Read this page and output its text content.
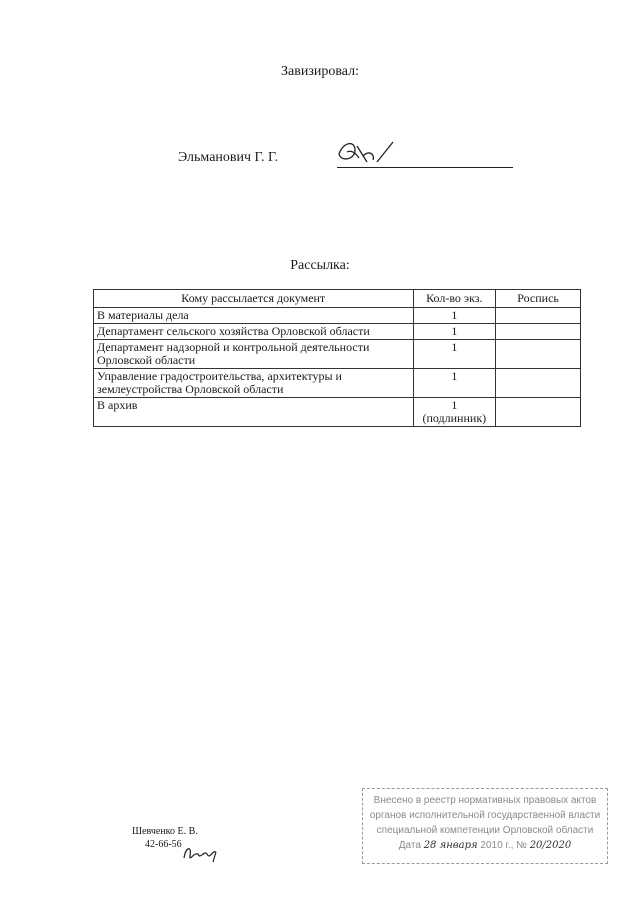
Завизировал:
Эльманович Г. Г.
Рассылка:
Кому рассылается документ	Кол-во экз.	Роспись
В материалы дела	1	
Департамент сельского хозяйства Орловской области	1	
Департамент надзорной и контрольной деятельности Орловской области	1	
Управление градостроительства, архитектуры и землеустройства Орловской области	1	
В архив	1
(подлинник)	

Шевченко Е. В.
42-66-56
Внесено в реестр нормативных правовых актов
органов исполнительной государственной власти
специальной компетенции Орловской области
Дата 28 января 2010 г., № 20/2020
